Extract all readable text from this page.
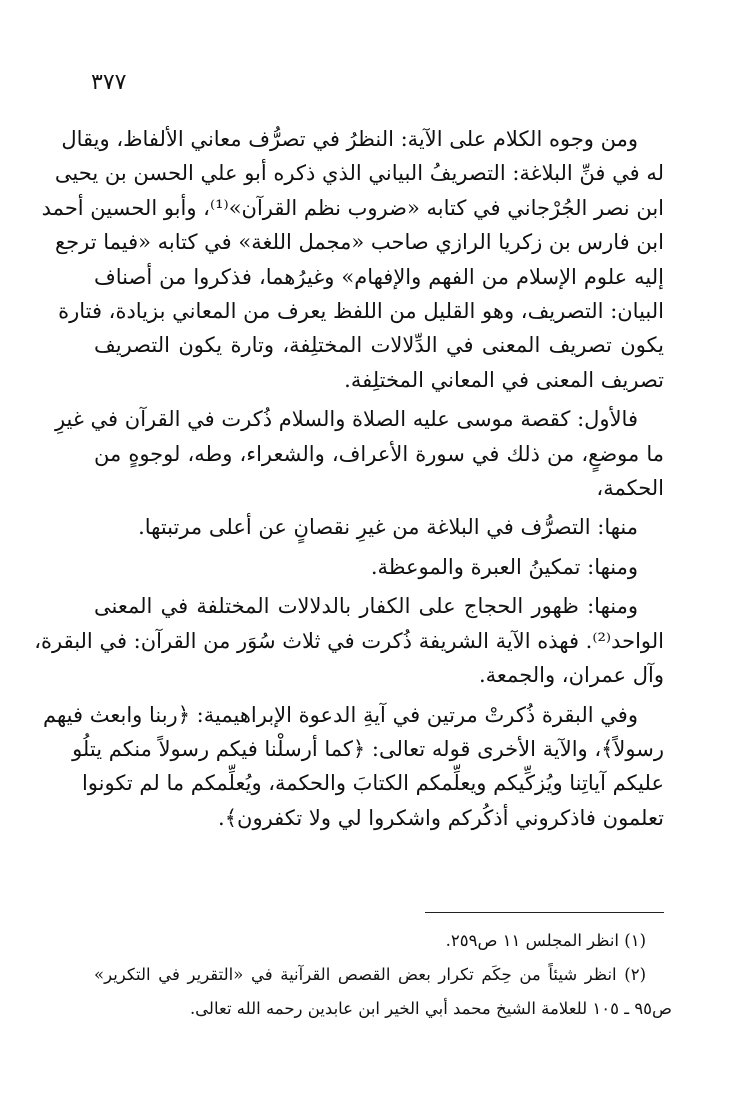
٣٧٧
ومن وجوه الكلام على الآية: النظرُ في تصرُّف معاني الألفاظ، ويقال
له في فنِّ البلاغة: التصريفُ البياني الذي ذكره أبو علي الحسن بن يحيى
ابن نصر الجُرْجاني في كتابه «ضروب نظم القرآن»⁽¹⁾، وأبو الحسين أحمد
ابن فارس بن زكريا الرازي صاحب «مجمل اللغة» في كتابه «فيما ترجع
إليه علوم الإسلام من الفهم والإفهام» وغيرُهما، فذكروا من أصناف
البيان: التصريف، وهو القليل من اللفظ يعرف من المعاني بزيادة، فتارة
يكون تصريف المعنى في الدِّلالات المختلِفة، وتارة يكون التصريف
تصريف المعنى في المعاني المختلِفة.
فالأول: كقصة موسى عليه الصلاة والسلام ذُكرت في القرآن في غيرِ
ما موضعٍ، من ذلك في سورة الأعراف، والشعراء، وطه، لوجوهٍ من
الحكمة،
منها: التصرُّف في البلاغة من غيرِ نقصانٍ عن أعلى مرتبتها.
ومنها: تمكينُ العبرة والموعظة.
ومنها: ظهور الحجاج على الكفار بالدلالات المختلفة في المعنى
الواحد⁽²⁾. فهذه الآية الشريفة ذُكرت في ثلاث سُوَر من القرآن: في البقرة،
وآل عمران، والجمعة.
وفي البقرة ذُكرتْ مرتين في آيةِ الدعوة الإبراهيمية: ﴿ربنا وابعث فيهم
رسولاً﴾، والآية الأخرى قوله تعالى: ﴿كما أرسلْنا فيكم رسولاً منكم يتلُو
عليكم آياتِنا ويُزكِّيكم ويعلِّمكم الكتابَ والحكمة، ويُعلِّمكم ما لم تكونوا
تعلمون فاذكروني أذكُركم واشكروا لي ولا تكفرون﴾.
(١) انظر المجلس ١١ ص٢٥٩.
(٢) انظر شيئاً من حِكَم تكرار بعض القصص القرآنية في «التقرير في التكرير»
ص٩٥ ـ ١٠٥ للعلامة الشيخ محمد أبي الخير ابن عابدين رحمه الله تعالى.
